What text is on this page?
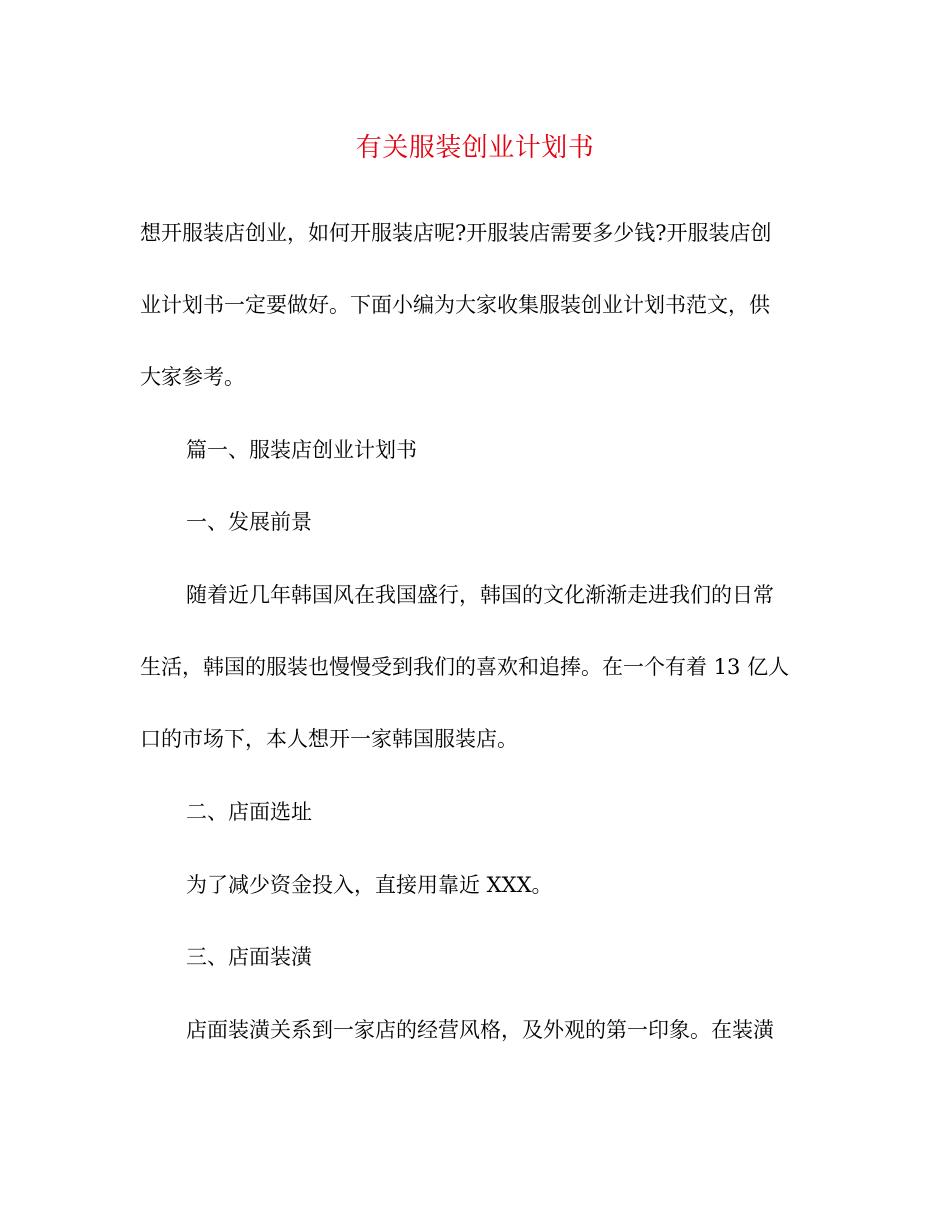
有关服装创业计划书
想开服装店创业，如何开服装店呢?开服装店需要多少钱?开服装店创
业计划书一定要做好。下面小编为大家收集服装创业计划书范文，供
大家参考。
篇一、服装店创业计划书
一、发展前景
随着近几年韩国风在我国盛行，韩国的文化渐渐走进我们的日常
生活，韩国的服装也慢慢受到我们的喜欢和追捧。在一个有着 13 亿人
口的市场下，本人想开一家韩国服装店。
二、店面选址
为了减少资金投入，直接用靠近 XXX。
三、店面装潢
店面装潢关系到一家店的经营风格，及外观的第一印象。在装潢
